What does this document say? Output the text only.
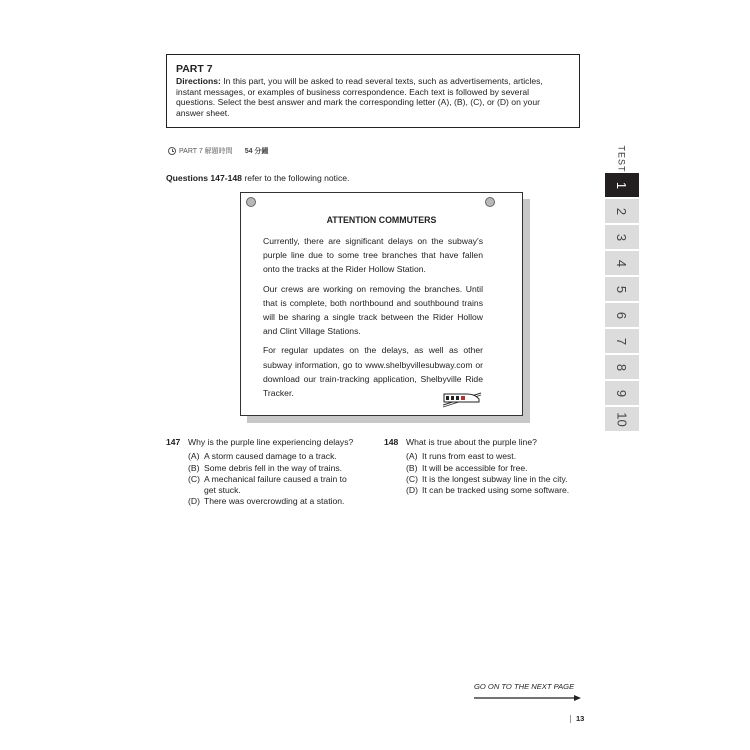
PART 7
Directions: In this part, you will be asked to read several texts, such as advertisements, articles, instant messages, or examples of business correspondence. Each text is followed by several questions. Select the best answer and mark the corresponding letter (A), (B), (C), or (D) on your answer sheet.
PART 7 解題時間 54 分鐘
Questions 147-148 refer to the following notice.
ATTENTION COMMUTERS

Currently, there are significant delays on the subway's purple line due to some tree branches that have fallen onto the tracks at the Rider Hollow Station.

Our crews are working on removing the branches. Until that is complete, both northbound and southbound trains will be sharing a single track between the Rider Hollow and Clint Village Stations.

For regular updates on the delays, as well as other subway information, go to www.shelbyvillesubway.com or download our train-tracking application, Shelbyville Ride Tracker.

147 Why is the purple line experiencing delays?
(A) A storm caused damage to a track.
(B) Some debris fell in the way of trains.
(C) A mechanical failure caused a train to get stuck.
(D) There was overcrowding at a station.
148 What is true about the purple line?
(A) It runs from east to west.
(B) It will be accessible for free.
(C) It is the longest subway line in the city.
(D) It can be tracked using some software.
TEST
1
2
3
4
5
6
7
8
9
10
GO ON TO THE NEXT PAGE
13
